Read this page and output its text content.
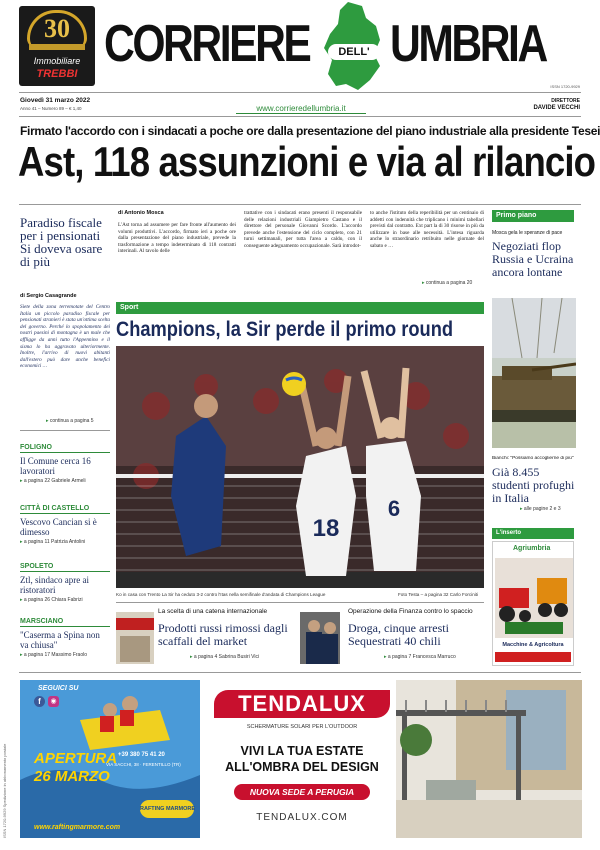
30
Immobiliare
TREBBI
CORRIERE	DELL' UMBRIA
ISSN 1720-9929
Giovedì 31 marzo 2022
Anno 41 – Numero 89 – € 1,40	www.corrieredellumbria.it
DIRETTORE
DAVIDE VECCHI
Firmato l'accordo con i sindacati a poche ore dalla presentazione del piano industriale alla presidente Tesei
Ast, 118 assunzioni e via al rilancio
Paradiso fiscale per i pensionati Si doveva osare di più
di Sergio Casagrande
Siete della zona terremotate del Centro Italia un piccolo paradiso fiscale per pensionati stranieri è stata un'ottima scelta del governo. Perché lo spopolamento dei nostri paesini di montagna è un male che affligge da anni tutto l'Appennino e il sisma lo ha aggravato ulteriormente. Inoltre, l'arrivo di nuovi abitanti dall'estero può dare anche benefici economici …
▸ continua a pagina 5
FOLIGNO
Il Comune cerca 16 lavoratori
▸ a pagina 22 Gabriele Armeli
CITTÀ DI CASTELLO
Vescovo Cancian si è dimesso
▸ a pagina 11 Patrizia Antolini
SPOLETO
Ztl, sindaco apre ai ristoratori
▸ a pagina 26 Chiara Fabrizi
MARSCIANO
"Caserma a Spina non va chiusa"
▸ a pagina 17 Massimo Fraolo
di Antonio Mosca
L'Ast torna ad assumere per fare fronte all'aumento dei volumi produttivi. L'accordo, firmato ieri a poche ore dalla presentazione del piano industriale, prevede la trasformazione a tempo indeterminato di 118 contratti interinali. Al tavolo delle
trattative con i sindacati erano presenti il responsabile delle relazioni industriali Giampietro Castano e il direttore del personale Giovanni Scordo. L'accordo prevede anche l'estensione del ciclo completo, con 21 turni settimanali, per tutta l'area a caldo, con il conseguente adeguamento occupazionale. Sarà introdot-
to anche l'istituto della reperibilità per un centinaio di addetti con indennità che triplicano i minimi tabellari previsti dal contratto. Ext part la di 30 risorse in più da utilizzare in base alle necessità. L'intesa riguarda anche lo straordinario retribuito nelle giornate del sabato e …
▸ continua a pagina 20
Sport
Champions, la Sir perde il primo round
18
6
Ko in casa con Trento La Sir ha ceduto 3-2 contro l'Itas nella semifinale d'andata di Champions League	Foto Testa – a pagina 32 Carlo Forciniti
Primo piano
Mosca gela le speranze di pace
Negoziati flop Russia e Ucraina ancora lontane
Bianchi: "Possiamo accoglierne di più"
Già 8.455 studenti profughi in Italia
▸ alle pagine 2 e 3
L'inserto
Agriumbria
Macchine & Agricoltura
La scelta di una catena internazionale
Prodotti russi rimossi dagli scaffali del market
▸ a pagina 4 Sabrina Busiri Vici
Operazione della Finanza contro lo spaccio
Droga, cinque arresti Sequestrati 40 chili
▸ a pagina 7 Francesca Marruco
SEGUICI SU
f	◉
APERTURA
26 MARZO
+39 380 75 41 20
VIA SACCHI, 38 · FERENTILLO (TR)
RAFTING MARMORE
www.raftingmarmore.com
ISSN 1720-9929 Spedizione in abbonamento postale
TENDALUX
SCHERMATURE SOLARI PER L'OUTDOOR
VIVI LA TUA ESTATE
ALL'OMBRA DEL DESIGN
NUOVA SEDE A PERUGIA
TENDALUX.COM
